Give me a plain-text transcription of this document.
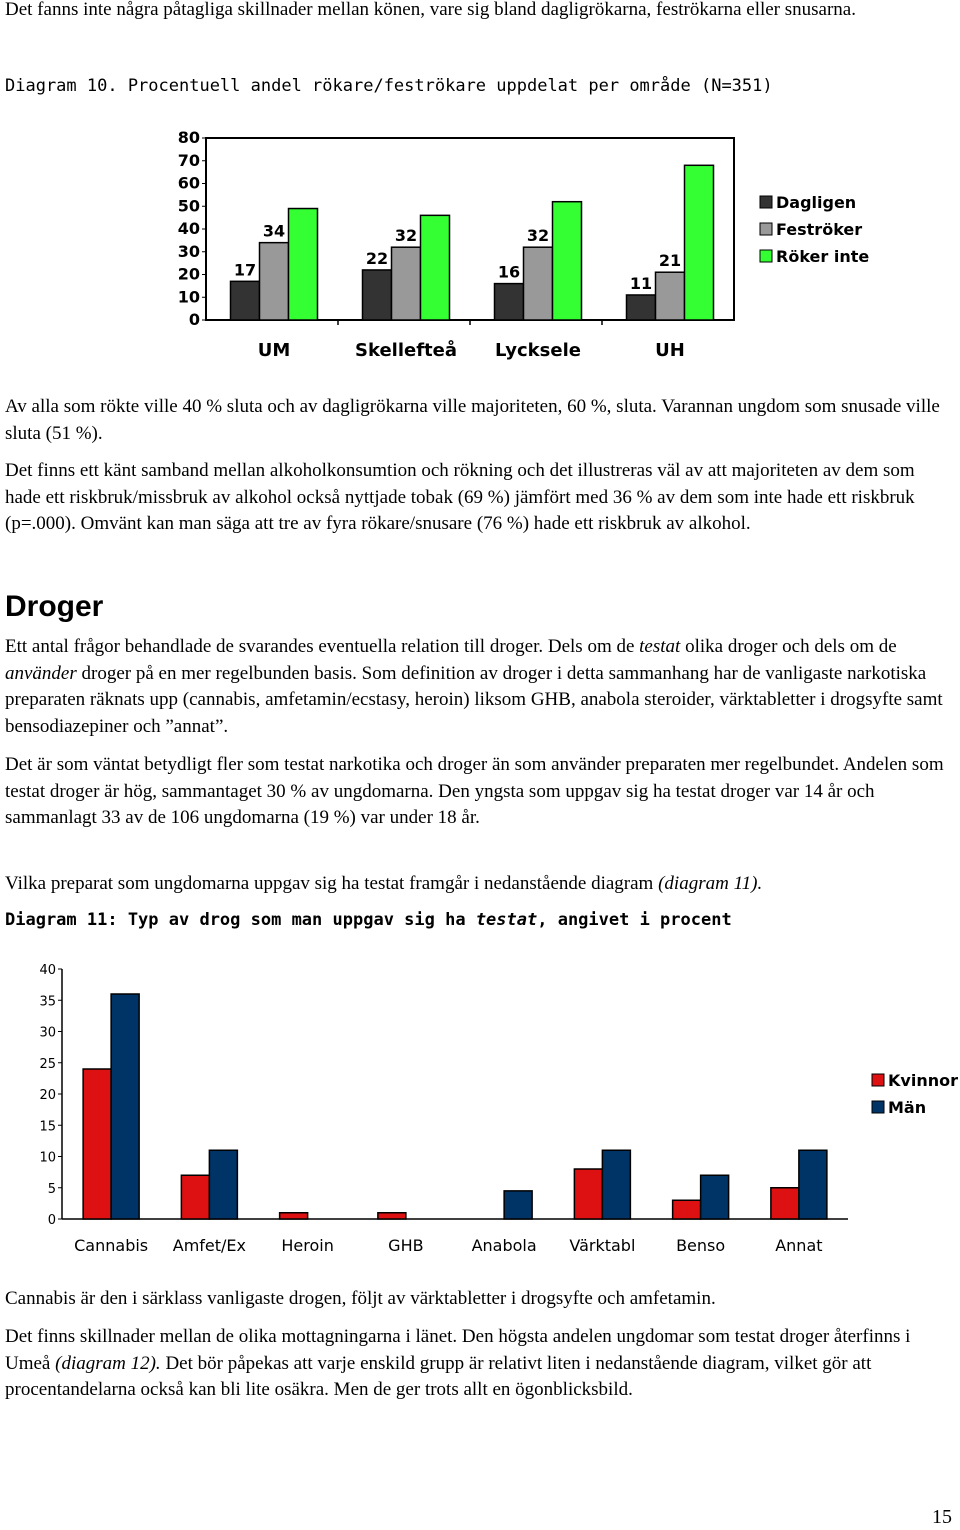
Det fanns inte några påtagliga skillnader mellan könen, vare sig bland dagligrökarna, feströkarna eller snusarna.

Diagram 10. Procentuell andel rökare/feströkare uppdelat per område (N=351)
0
10
20
30
40
50
60
70
80
17
34
UM
22
32
Skellefteå
16
32
Lycksele
11
21
UH
Dagligen
Feströker
Röker inte

Av alla som rökte ville 40 % sluta och av dagligrökarna ville majoriteten, 60 %, sluta. Varannan ungdom som snusade ville sluta (51 %).

Det finns ett känt samband mellan alkoholkonsumtion och rökning och det illustreras väl av att majoriteten av dem som hade ett riskbruk/missbruk av alkohol också nyttjade tobak (69 %) jämfört med 36 % av dem som inte hade ett riskbruk (p=.000). Omvänt kan man säga att tre av fyra rökare/snusare (76 %) hade ett riskbruk av alkohol.

Droger

Ett antal frågor behandlade de svarandes eventuella relation till droger. Dels om de testat olika droger och dels om de använder droger på en mer regelbunden basis. Som definition av droger i detta sammanhang har de vanligaste narkotiska preparaten räknats upp (cannabis, amfetamin/ecstasy, heroin) liksom GHB, anabola steroider, värktabletter i drogsyfte samt bensodiazepiner och ”annat”.

Det är som väntat betydligt fler som testat narkotika och droger än som använder preparaten mer regelbundet. Andelen som testat droger är hög, sammantaget 30 % av ungdomarna. Den yngsta som uppgav sig ha testat droger var 14 år och sammanlagt 33 av de 106 ungdomarna (19 %) var under 18 år.

Vilka preparat som ungdomarna uppgav sig ha testat framgår i nedanstående diagram (diagram 11).

Diagram 11: Typ av drog som man uppgav sig ha testat, angivet i procent
0
5
10
15
20
25
30
35
40
Cannabis Amfet/Ex Heroin	GHB	Anabola Värktabl	Benso	Annat
Kvinnor
Män

Cannabis är den i särklass vanligaste drogen, följt av värktabletter i drogsyfte och amfetamin.

Det finns skillnader mellan de olika mottagningarna i länet. Den högsta andelen ungdomar som testat droger återfinns i Umeå (diagram 12). Det bör påpekas att varje enskild grupp är relativt liten i nedanstående diagram, vilket gör att procentandelarna också kan bli lite osäkra. Men de ger trots allt en ögonblicksbild.

15
